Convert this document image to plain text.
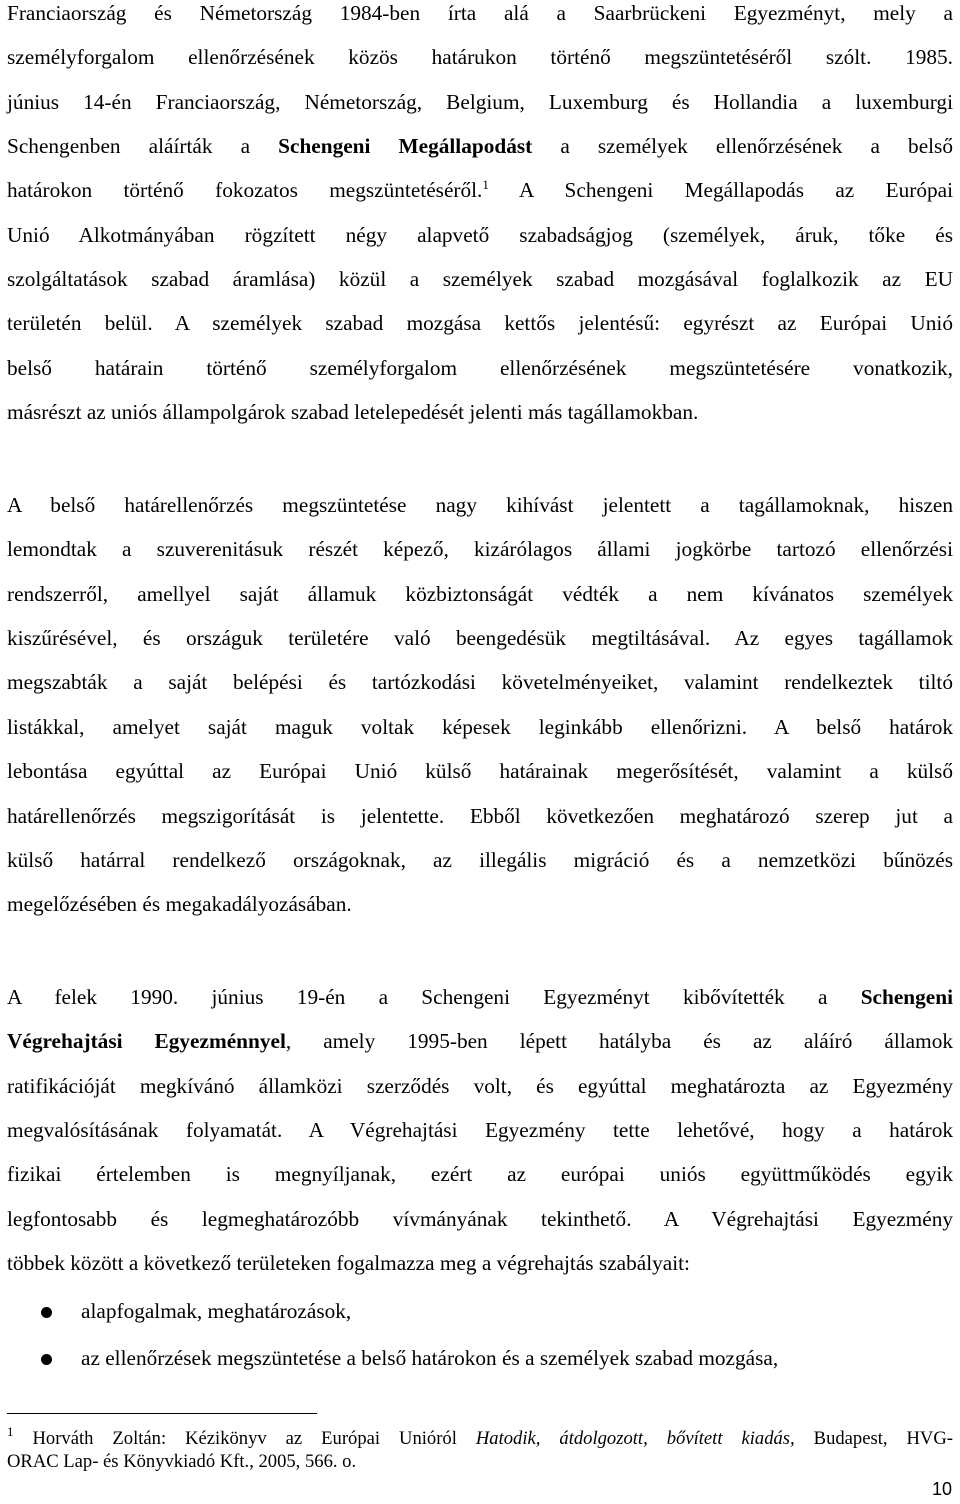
Franciaország és Németország 1984-ben írta alá a Saarbrückeni Egyezményt, mely a
személyforgalom ellenőrzésének közös határukon történő megszüntetéséről szólt. 1985.
június 14-én Franciaország, Németország, Belgium, Luxemburg és Hollandia a luxemburgi
Schengenben aláírták a Schengeni Megállapodást a személyek ellenőrzésének a belső
határokon történő fokozatos megszüntetéséről.$^1$ A Schengeni Megállapodás az Európai
Unió Alkotmányában rögzített négy alapvető szabadságjog (személyek, áruk, tőke és
szolgáltatások szabad áramlása) közül a személyek szabad mozgásával foglalkozik az EU
területén belül. A személyek szabad mozgása kettős jelentésű: egyrészt az Európai Unió
belső határain történő személyforgalom ellenőrzésének megszüntetésére vonatkozik,
másrészt az uniós állampolgárok szabad letelepedését jelenti más tagállamokban.
A belső határellenőrzés megszüntetése nagy kihívást jelentett a tagállamoknak, hiszen
lemondtak a szuverenitásuk részét képező, kizárólagos állami jogkörbe tartozó ellenőrzési
rendszerről, amellyel saját államuk közbiztonságát védték a nem kívánatos személyek
kiszűrésével, és országuk területére való beengedésük megtiltásával. Az egyes tagállamok
megszabták a saját belépési és tartózkodási követelményeiket, valamint rendelkeztek tiltó
listákkal, amelyet saját maguk voltak képesek leginkább ellenőrizni. A belső határok
lebontása egyúttal az Európai Unió külső határainak megerősítését, valamint a külső
határellenőrzés megszigorítását is jelentette. Ebből következően meghatározó szerep jut a
külső határral rendelkező országoknak, az illegális migráció és a nemzetközi bűnözés
megelőzésében és megakadályozásában.
A felek 1990. június 19-én a Schengeni Egyezményt kibővítették a Schengeni
Végrehajtási Egyezménnyel, amely 1995-ben lépett hatályba és az aláíró államok
ratifikációját megkívánó államközi szerződés volt, és egyúttal meghatározta az Egyezmény
megvalósításának folyamatát. A Végrehajtási Egyezmény tette lehetővé, hogy a határok
fizikai értelemben is megnyíljanak, ezért az európai uniós együttműködés egyik
legfontosabb és legmeghatározóbb vívmányának tekinthető. A Végrehajtási Egyezmény
többek között a következő területeken fogalmazza meg a végrehajtás szabályait:
alapfogalmak, meghatározások,
az ellenőrzések megszüntetése a belső határokon és a személyek szabad mozgása,
$^1$ Horváth Zoltán: Kézikönyv az Európai Unióról Hatodik, átdolgozott, bővített kiadás, Budapest, HVG-
ORAC Lap- és Könyvkiadó Kft., 2005, 566. o.
10
